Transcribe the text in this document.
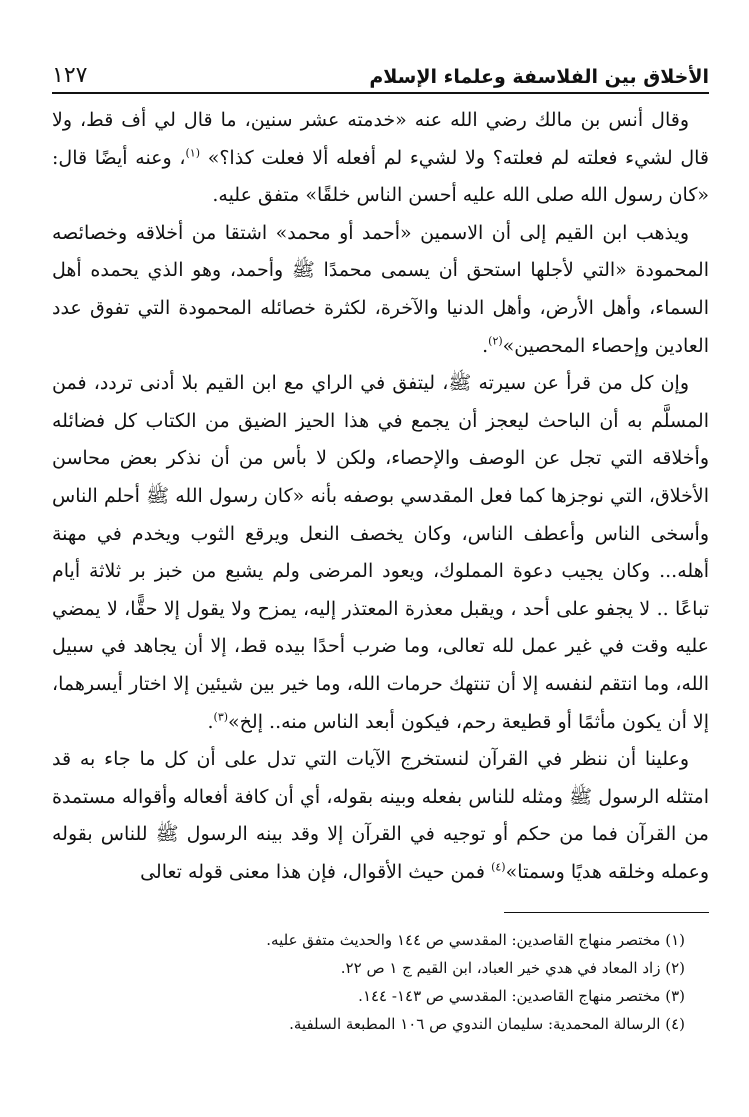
الأخلاق بين الفلاسفة وعلماء الإسلام
١٢٧

وقال أنس بن مالك رضي الله عنه «خدمته عشر سنين، ما قال لي أف قط، ولا قال لشيء فعلته لم فعلته؟ ولا لشيء لم أفعله ألا فعلت كذا؟» $^{(١)}$، وعنه أيضًا قال: «كان رسول الله صلى الله عليه أحسن الناس خلقًا» متفق عليه.

ويذهب ابن القيم إلى أن الاسمين «أحمد أو محمد» اشتقا من أخلاقه وخصائصه المحمودة «التي لأجلها استحق أن يسمى محمدًا ﷺ وأحمد، وهو الذي يحمده أهل السماء، وأهل الأرض، وأهل الدنيا والآخرة، لكثرة خصائله المحمودة التي تفوق عدد العادين وإحصاء المحصين»$^{(٢)}$.

وإن كل من قرأ عن سيرته ﷺ، ليتفق في الراي مع ابن القيم بلا أدنى تردد، فمن المسلَّم به أن الباحث ليعجز أن يجمع في هذا الحيز الضيق من الكتاب كل فضائله وأخلاقه التي تجل عن الوصف والإحصاء، ولكن لا بأس من أن نذكر بعض محاسن الأخلاق، التي نوجزها كما فعل المقدسي بوصفه بأنه «كان رسول الله ﷺ أحلم الناس وأسخى الناس وأعطف الناس، وكان يخصف النعل ويرقع الثوب ويخدم في مهنة أهله... وكان يجيب دعوة المملوك، ويعود المرضى ولم يشبع من خبز بر ثلاثة أيام تباعًا .. لا يجفو على أحد ، ويقبل معذرة المعتذر إليه، يمزح ولا يقول إلا حقًّا، لا يمضي عليه وقت في غير عمل لله تعالى، وما ضرب أحدًا بيده قط، إلا أن يجاهد في سبيل الله، وما انتقم لنفسه إلا أن تنتهك حرمات الله، وما خير بين شيئين إلا اختار أيسرهما، إلا أن يكون مأثمًا أو قطيعة رحم، فيكون أبعد الناس منه.. إلخ»$^{(٣)}$.

وعلينا أن ننظر في القرآن لنستخرج الآيات التي تدل على أن كل ما جاء به قد امتثله الرسول ﷺ ومثله للناس بفعله وبينه بقوله، أي أن كافة أفعاله وأقواله مستمدة من القرآن فما من حكم أو توجيه في القرآن إلا وقد بينه الرسول ﷺ للناس بقوله وعمله وخلقه هديًا وسمتا»$^{(٤)}$ فمن حيث الأقوال، فإن هذا معنى قوله تعالى

(١) مختصر منهاج القاصدين: المقدسي ص ١٤٤ والحديث متفق عليه.
(٢) زاد المعاد في هدي خير العباد، ابن القيم ج ١ ص ٢٢.
(٣) مختصر منهاج القاصدين: المقدسي ص ١٤٣- ١٤٤.
(٤) الرسالة المحمدية: سليمان الندوي ص ١٠٦ المطبعة السلفية.
